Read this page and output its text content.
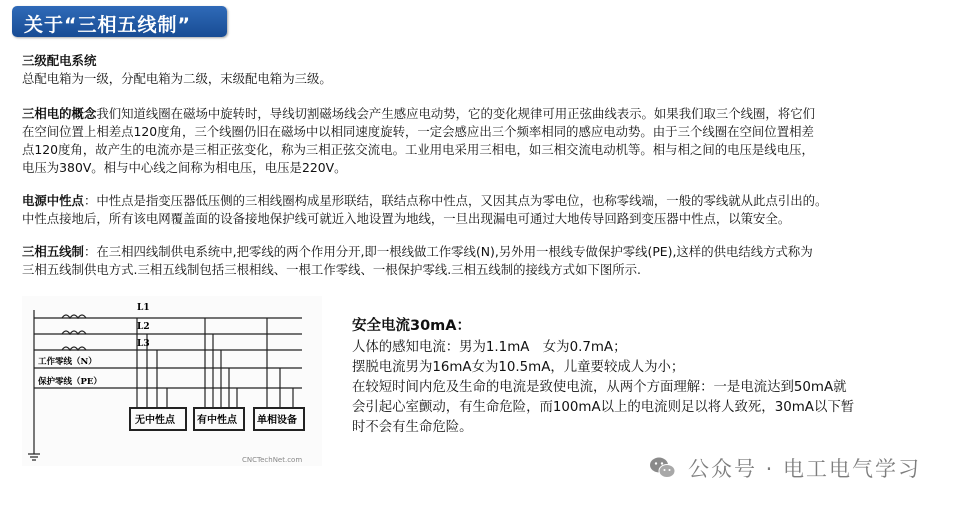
关于“三相五线制”
三级配电系统
总配电箱为一级，分配电箱为二级，末级配电箱为三级。
三相电的概念我们知道线圈在磁场中旋转时，导线切割磁场线会产生感应电动势，它的变化规律可用正弦曲线表示。如果我们取三个线圈，将它们
在空间位置上相差点120度角，三个线圈仍旧在磁场中以相同速度旋转，一定会感应出三个频率相同的感应电动势。由于三个线圈在空间位置相差
点120度角，故产生的电流亦是三相正弦变化，称为三相正弦交流电。工业用电采用三相电，如三相交流电动机等。相与相之间的电压是线电压，
电压为380V。相与中心线之间称为相电压，电压是220V。
电源中性点：中性点是指变压器低压侧的三相线圈构成星形联结，联结点称中性点，又因其点为零电位，也称零线端，一般的零线就从此点引出的。
中性点接地后，所有该电网覆盖面的设备接地保护线可就近入地设置为地线，一旦出现漏电可通过大地传导回路到变压器中性点，以策安全。
三相五线制：在三相四线制供电系统中,把零线的两个作用分开,即一根线做工作零线(N),另外用一根线专做保护零线(PE),这样的供电结线方式称为
三相五线制供电方式.三相五线制包括三根相线、一根工作零线、一根保护零线.三相五线制的接线方式如下图所示.
L1
L2
L3
工作零线（N）
保护零线（PE）
无中性点 有中性点 单相设备
CNCTechNet.com
安全电流30mA：
人体的感知电流：男为1.1mA　女为0.7mA；
摆脱电流男为16mA女为10.5mA，儿童要较成人为小；
在较短时间内危及生命的电流是致使电流，从两个方面理解：一是电流达到50mA就
会引起心室颤动，有生命危险，而100mA以上的电流则足以将人致死，30mA以下暂
时不会有生命危险。
公众号 · 电工电气学习
